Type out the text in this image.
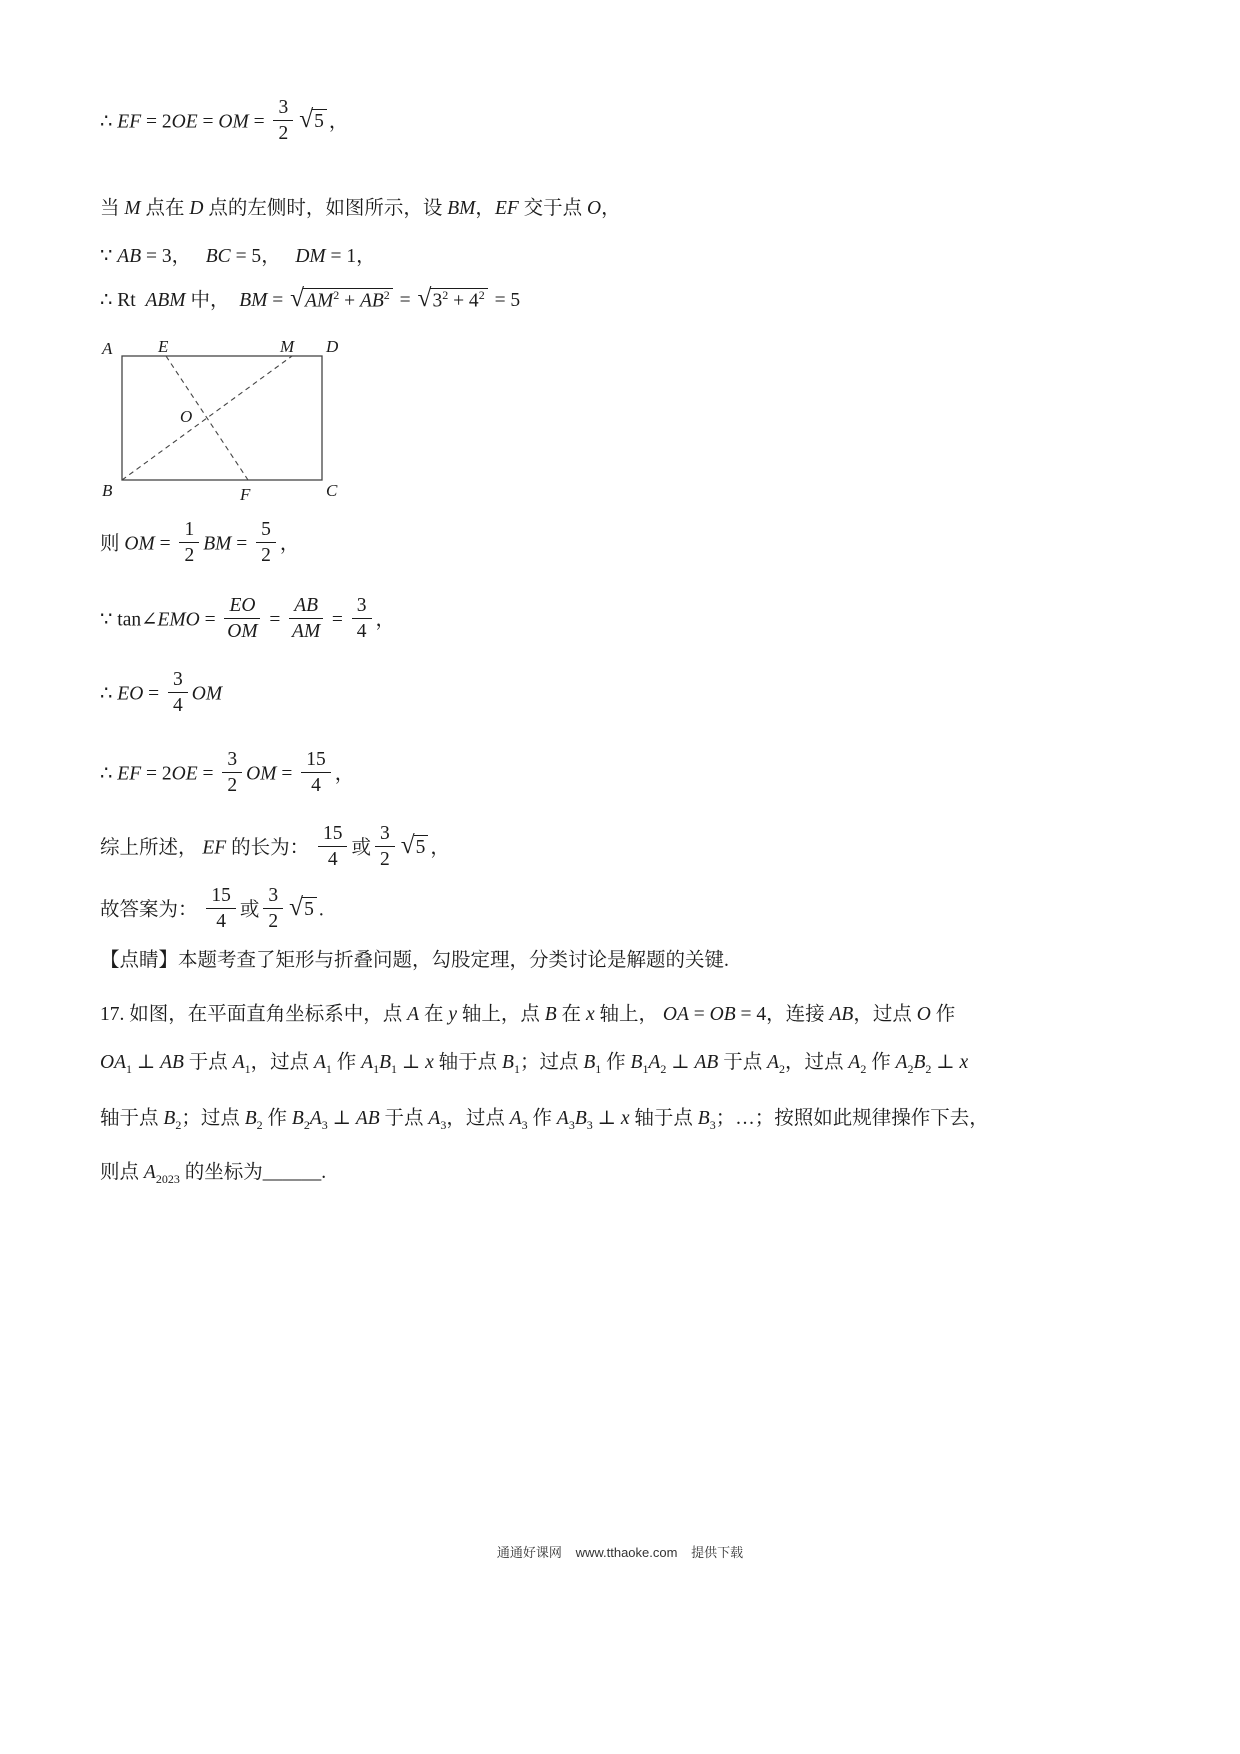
∴ EF = 2OE = OM = $\frac{3}{2}$ √ 5 ，
当 M 点在 D 点的左侧时，如图所示，设 BM，EF 交于点 O，
∵ AB = 3，   BC = 5，   DM = 1，
∴ Rt  ABM 中，  BM = √ $AM^2 + AB^2$ = √ $3^2 + 4^2 = 5$
A	E	M D
O
B	F	C
则 OM = $\frac{1}{2}$ BM = $\frac{5}{2}$ ，
∵ tan∠EMO = $\frac{EO}{OM} = \frac{AB}{AM} = \frac{3}{4}$ ，
∴ EO = $\frac{3}{4}$ OM
∴ EF = $2OE = \frac{3}{2}$ OM = $\frac{15}{4}$ ，
综上所述， EF 的长为： $\frac{15}{4}$ 或 $\frac{3}{2}$ √ 5 ，
故答案为： $\frac{15}{4}$ 或 $\frac{3}{2}$ √ 5 .
【点睛】本题考查了矩形与折叠问题，勾股定理，分类讨论是解题的关键.
17. 如图，在平面直角坐标系中，点 A 在 y 轴上，点 B 在 x 轴上， OA = OB = 4，连接 AB，过点 O 作
$OA_1$ ⊥ AB 于点 $A_1$，过点 $A_1$ 作 $A_1B_1$ ⊥ x 轴于点 $B_1$；过点 $B_1$ 作 $B_1A_2$ ⊥ AB 于点 $A_2$，过点 $A_2$ 作 $A_2B_2$ ⊥ x
轴于点 $B_2$；过点 $B_2$ 作 $B_2A_3$ ⊥ AB 于点 $A_3$，过点 $A_3$ 作 $A_3B_3$ ⊥ x 轴于点 $B_3$；…；按照如此规律操作下去，
则点 $A_{2023}$ 的坐标为______.
通通好课网 www.tthaoke.com 提供下载
